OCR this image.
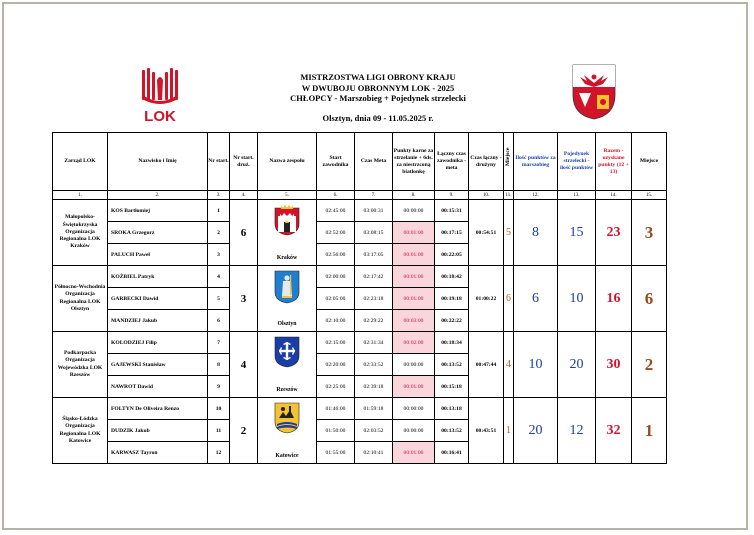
LOK
MISTRZOSTWA LIGI OBRONY KRAJU
W DWUBOJU OBRONNYM LOK - 2025
CHŁOPCY - Marszobieg + Pojedynek strzelecki
Olsztyn, dnia 09 - 11.05.2025 r.
Zarząd LOK	Nazwisko i Imię	Nr start.	Nr start. druż.	Nazwa zespołu	Start zawodnika	Czas Meta	Punkty karne za strzelanie + 6ds. za niestrzconą biatlonkę	Łączny czas zawodnika - meta	Czas łączny - drużyny	Miejsce	Ilość punktów za marszobieg	Pojedynek strzelecki - ilość punktów	Razem - uzyskane punkty (12 + 13)	Miejsce
1.	2.	3.	4.	5.	6.	7.	8.	9.	10.	11.	12.	13.	14.	15.
Małopolsko-Świętokrzyska Organizacja Regionalna LOK Kraków	KOS Bartłomiej	1	6	Kraków	02:45:00	03:00:31	00:00:00	00:15:31	00:54:51	5	8	15	23	3
	SROKA Grzegorz	2			02:52:00	03:08:15	00:01:00	00:17:15						
	PALUCH Paweł	3			02:56:00	03:17:05	00:01:00	00:22:05						
Północno-Wschodnia Organizacja Regionalna LOK Olsztyn	KOŻBIEL Patryk	4	3	Olsztyn	02:00:00	02:17:42	00:01:00	00:18:42	01:00:22	6	6	10	16	6
	GARBECKI Dawid	5			02:05:00	02:23:18	00:01:00	00:19:18						
	MANDZIEJ Jakub	6			02:10:00	02:29:22	00:03:00	00:22:22						
Podkarpacka Organizacja Wojewódzka LOK Rzeszów	KOLODZIEJ Filip	7	4	Rzeszów	02:15:00	02:31:34	00:02:00	00:18:34	00:47:44	4	10	20	30	2
	GAJEWSKI Stanisław	8			02:20:00	02:33:52	00:00:00	00:13:52						
	NAWROT Dawid	9			02:25:00	02:39:18	00:01:00	00:15:18						
Śląsko-Łódzka Organizacja Regionalna LOK Katowice	FOLTYN De Oliveira Renzo	10	2	Katowice	01:46:00	01:59:18	00:00:00	00:13:18	00:43:51	1	20	12	32	1
	DUDZIK Jakub	11			01:50:00	02:03:52	00:00:00	00:13:52						
	KARWASZ Tayron	12			01:55:00	02:10:41	00:01:00	00:16:41						
